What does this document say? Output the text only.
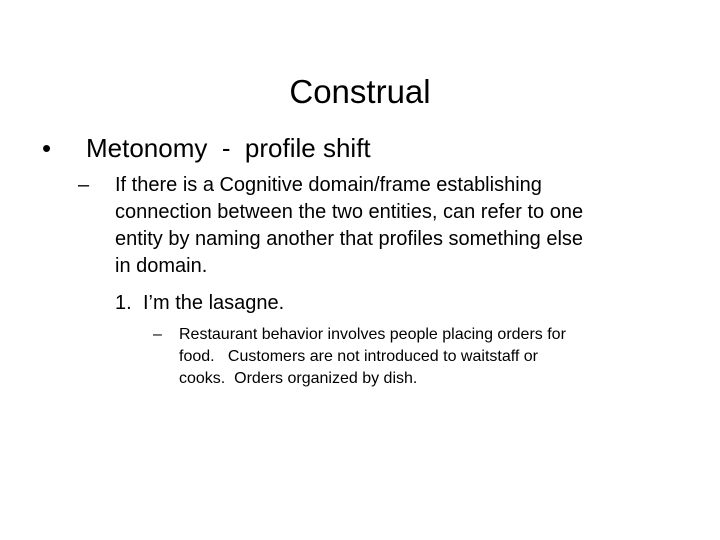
Construal
•	Metonomy  -  profile shift
– If there is a Cognitive domain/frame establishing
connection between the two entities, can refer to one
entity by naming another that profiles something else
in domain.
1. I’m the lasagne.
– Restaurant behavior involves people placing orders for
food.   Customers are not introduced to waitstaff or
cooks.  Orders organized by dish.
